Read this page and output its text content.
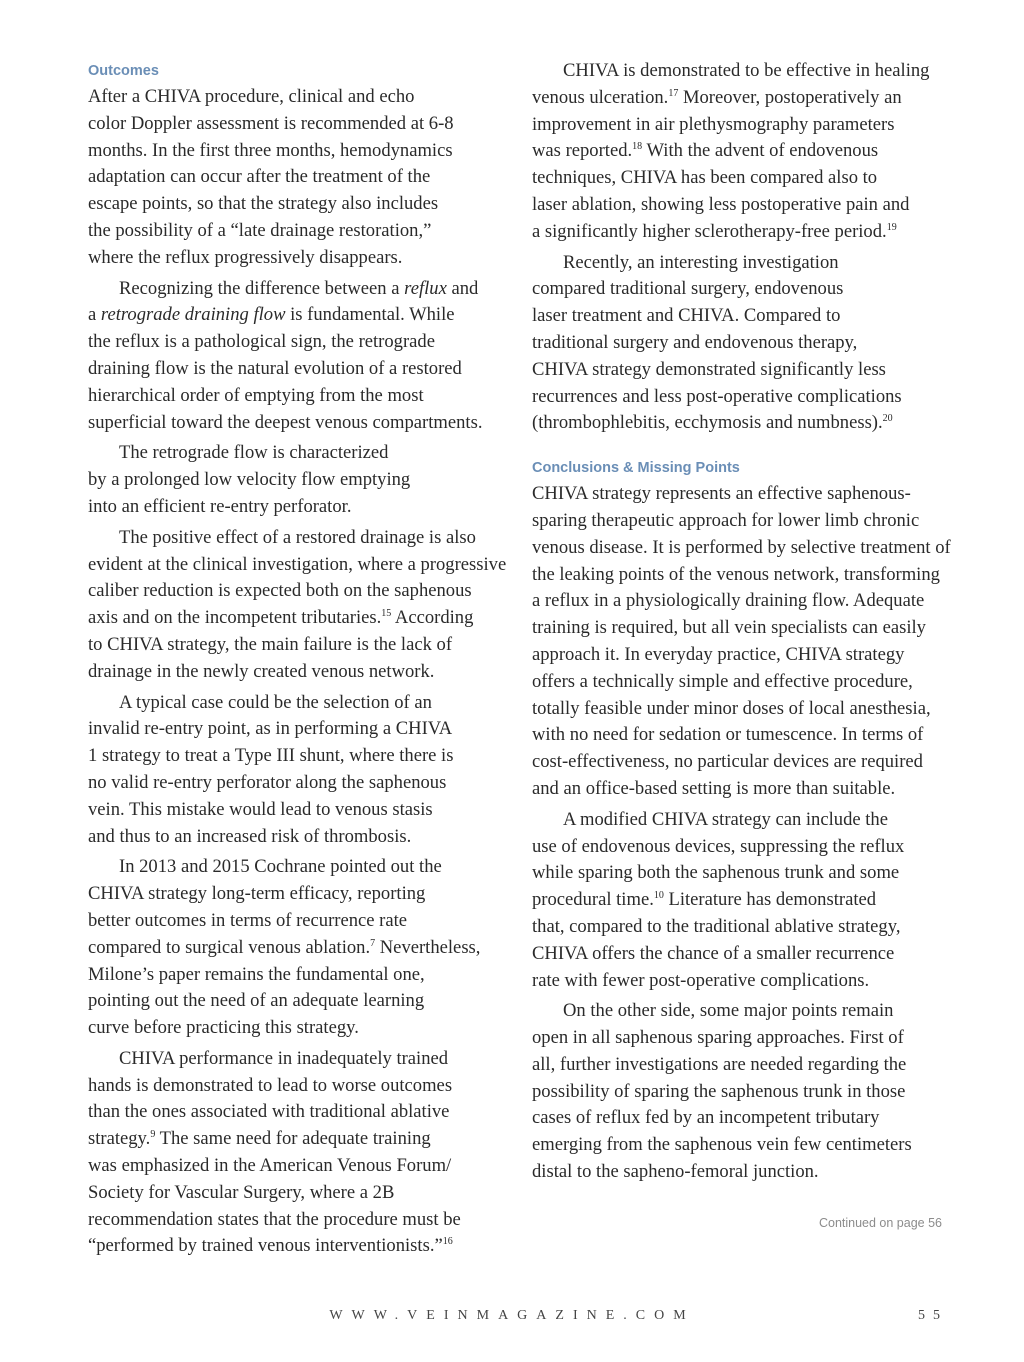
Outcomes
After a CHIVA procedure, clinical and echo
color Doppler assessment is recommended at 6-8
months. In the first three months, hemodynamics
adaptation can occur after the treatment of the
escape points, so that the strategy also includes
the possibility of a “late drainage restoration,”
where the reflux progressively disappears.
Recognizing the difference between a reflux and
a retrograde draining flow is fundamental. While
the reflux is a pathological sign, the retrograde
draining flow is the natural evolution of a restored
hierarchical order of emptying from the most
superficial toward the deepest venous compartments.
The retrograde flow is characterized
by a prolonged low velocity flow emptying
into an efficient re-entry perforator.
The positive effect of a restored drainage is also
evident at the clinical investigation, where a progressive
caliber reduction is expected both on the saphenous
axis and on the incompetent tributaries.$^{15}$ According
to CHIVA strategy, the main failure is the lack of
drainage in the newly created venous network.
A typical case could be the selection of an
invalid re-entry point, as in performing a CHIVA
1 strategy to treat a Type III shunt, where there is
no valid re-entry perforator along the saphenous
vein. This mistake would lead to venous stasis
and thus to an increased risk of thrombosis.
In 2013 and 2015 Cochrane pointed out the
CHIVA strategy long-term efficacy, reporting
better outcomes in terms of recurrence rate
compared to surgical venous ablation.$^7$ Nevertheless,
Milone’s paper remains the fundamental one,
pointing out the need of an adequate learning
curve before practicing this strategy.
CHIVA performance in inadequately trained
hands is demonstrated to lead to worse outcomes
than the ones associated with traditional ablative
strategy.$^9$ The same need for adequate training
was emphasized in the American Venous Forum/
Society for Vascular Surgery, where a 2B
recommendation states that the procedure must be
“performed by trained venous interventionists.”$^{16}$
CHIVA is demonstrated to be effective in healing
venous ulceration.$^{17}$ Moreover, postoperatively an
improvement in air plethysmography parameters
was reported.$^{18}$ With the advent of endovenous
techniques, CHIVA has been compared also to
laser ablation, showing less postoperative pain and
a significantly higher sclerotherapy-free period.$^{19}$
Recently, an interesting investigation
compared traditional surgery, endovenous
laser treatment and CHIVA. Compared to
traditional surgery and endovenous therapy,
CHIVA strategy demonstrated significantly less
recurrences and less post-operative complications
(thrombophlebitis, ecchymosis and numbness).$^{20}$
Conclusions & Missing Points
CHIVA strategy represents an effective saphenous-
sparing therapeutic approach for lower limb chronic
venous disease. It is performed by selective treatment of
the leaking points of the venous network, transforming
a reflux in a physiologically draining flow. Adequate
training is required, but all vein specialists can easily
approach it. In everyday practice, CHIVA strategy
offers a technically simple and effective procedure,
totally feasible under minor doses of local anesthesia,
with no need for sedation or tumescence. In terms of
cost-effectiveness, no particular devices are required
and an office-based setting is more than suitable.
A modified CHIVA strategy can include the
use of endovenous devices, suppressing the reflux
while sparing both the saphenous trunk and some
procedural time.$^{10}$ Literature has demonstrated
that, compared to the traditional ablative strategy,
CHIVA offers the chance of a smaller recurrence
rate with fewer post-operative complications.
On the other side, some major points remain
open in all saphenous sparing approaches. First of
all, further investigations are needed regarding the
possibility of sparing the saphenous trunk in those
cases of reflux fed by an incompetent tributary
emerging from the saphenous vein few centimeters
distal to the sapheno-femoral junction.
Continued on page 56
WWW.VEINMAGAZINE.COM	55
